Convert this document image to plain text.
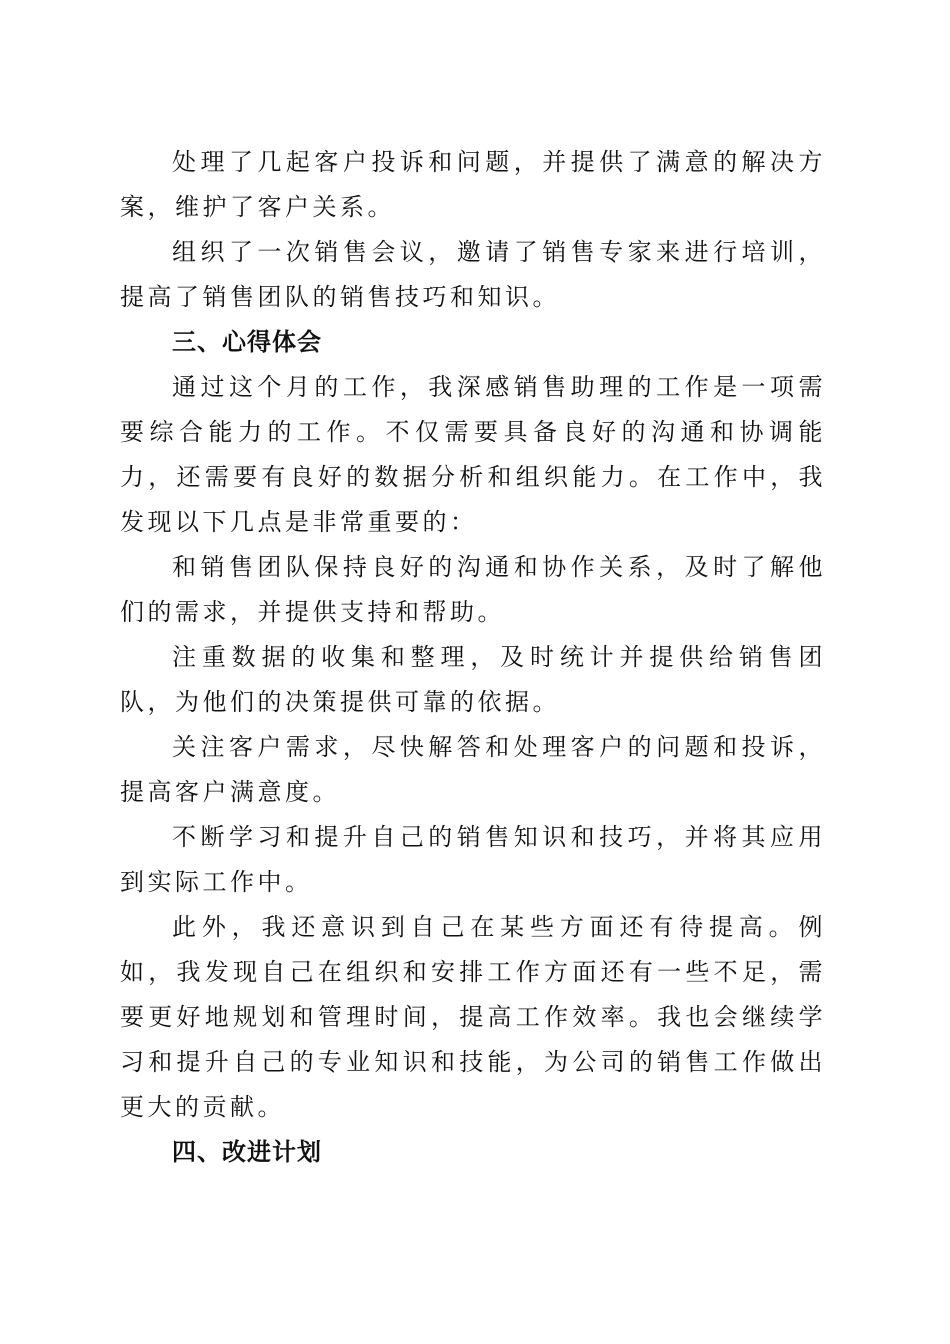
处理了几起客户投诉和问题，并提供了满意的解决方案，维护了客户关系。

组织了一次销售会议，邀请了销售专家来进行培训，提高了销售团队的销售技巧和知识。

三、心得体会

通过这个月的工作，我深感销售助理的工作是一项需要综合能力的工作。不仅需要具备良好的沟通和协调能力，还需要有良好的数据分析和组织能力。在工作中，我发现以下几点是非常重要的：

和销售团队保持良好的沟通和协作关系，及时了解他们的需求，并提供支持和帮助。

注重数据的收集和整理，及时统计并提供给销售团队，为他们的决策提供可靠的依据。

关注客户需求，尽快解答和处理客户的问题和投诉，提高客户满意度。

不断学习和提升自己的销售知识和技巧，并将其应用到实际工作中。

此外，我还意识到自己在某些方面还有待提高。例如，我发现自己在组织和安排工作方面还有一些不足，需要更好地规划和管理时间，提高工作效率。我也会继续学习和提升自己的专业知识和技能，为公司的销售工作做出更大的贡献。

四、改进计划
